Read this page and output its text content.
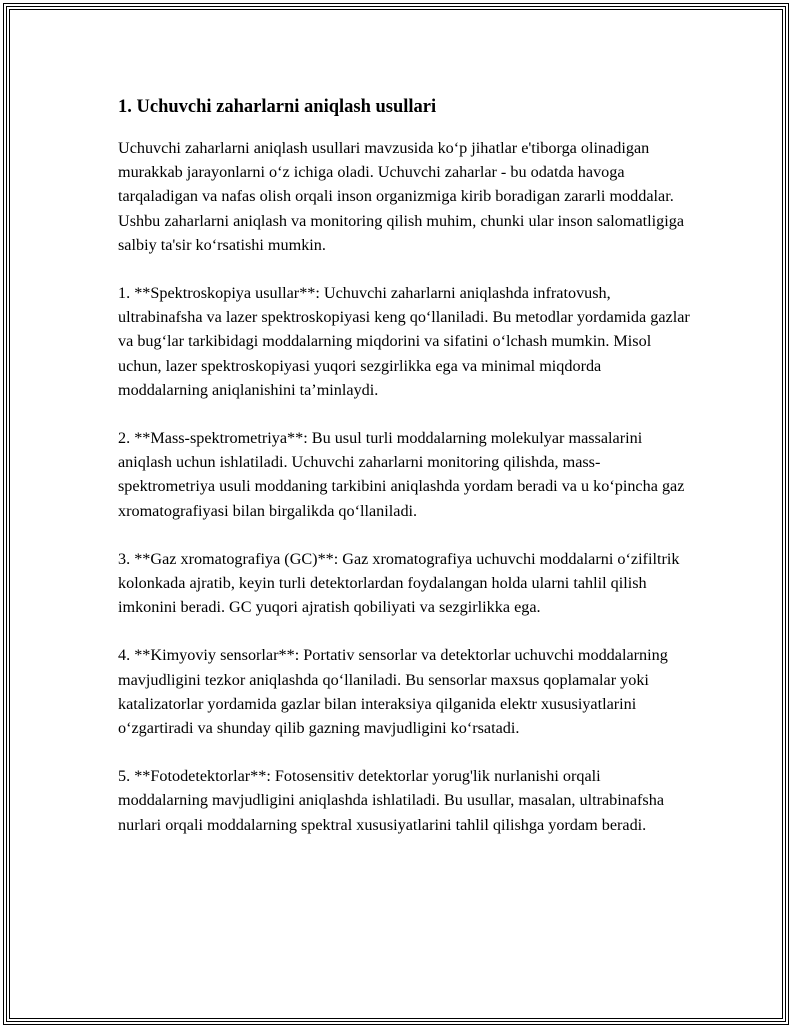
1. Uchuvchi zaharlarni aniqlash usullari

Uchuvchi zaharlarni aniqlash usullari mavzusida koʻp jihatlar e'tiborga olinadigan murakkab jarayonlarni oʻz ichiga oladi. Uchuvchi zaharlar - bu odatda havoga tarqaladigan va nafas olish orqali inson organizmiga kirib boradigan zararli moddalar. Ushbu zaharlarni aniqlash va monitoring qilish muhim, chunki ular inson salomatligiga salbiy ta'sir koʻrsatishi mumkin.

1. **Spektroskopiya usullar**: Uchuvchi zaharlarni aniqlashda infratovush, ultrabinafsha va lazer spektroskopiyasi keng qoʻllaniladi. Bu metodlar yordamida gazlar va bugʻlar tarkibidagi moddalarning miqdorini va sifatini oʻlchash mumkin. Misol uchun, lazer spektroskopiyasi yuqori sezgirlikka ega va minimal miqdorda moddalarning aniqlanishini taʼminlaydi.

2. **Mass-spektrometriya**: Bu usul turli moddalarning molekulyar massalarini aniqlash uchun ishlatiladi. Uchuvchi zaharlarni monitoring qilishda, mass-spektrometriya usuli moddaning tarkibini aniqlashda yordam beradi va u koʻpincha gaz xromatografiyasi bilan birgalikda qoʻllaniladi.

3. **Gaz xromatografiya (GC)**: Gaz xromatografiya uchuvchi moddalarni oʻzifiltrik kolonkada ajratib, keyin turli detektorlardan foydalangan holda ularni tahlil qilish imkonini beradi. GC yuqori ajratish qobiliyati va sezgirlikka ega.

4. **Kimyoviy sensorlar**: Portativ sensorlar va detektorlar uchuvchi moddalarning mavjudligini tezkor aniqlashda qoʻllaniladi. Bu sensorlar maxsus qoplamalar yoki katalizatorlar yordamida gazlar bilan interaksiya qilganida elektr xususiyatlarini oʻzgartiradi va shunday qilib gazning mavjudligini koʻrsatadi.

5. **Fotodetektorlar**: Fotosensitiv detektorlar yorug'lik nurlanishi orqali moddalarning mavjudligini aniqlashda ishlatiladi. Bu usullar, masalan, ultrabinafsha nurlari orqali moddalarning spektral xususiyatlarini tahlil qilishga yordam beradi.
